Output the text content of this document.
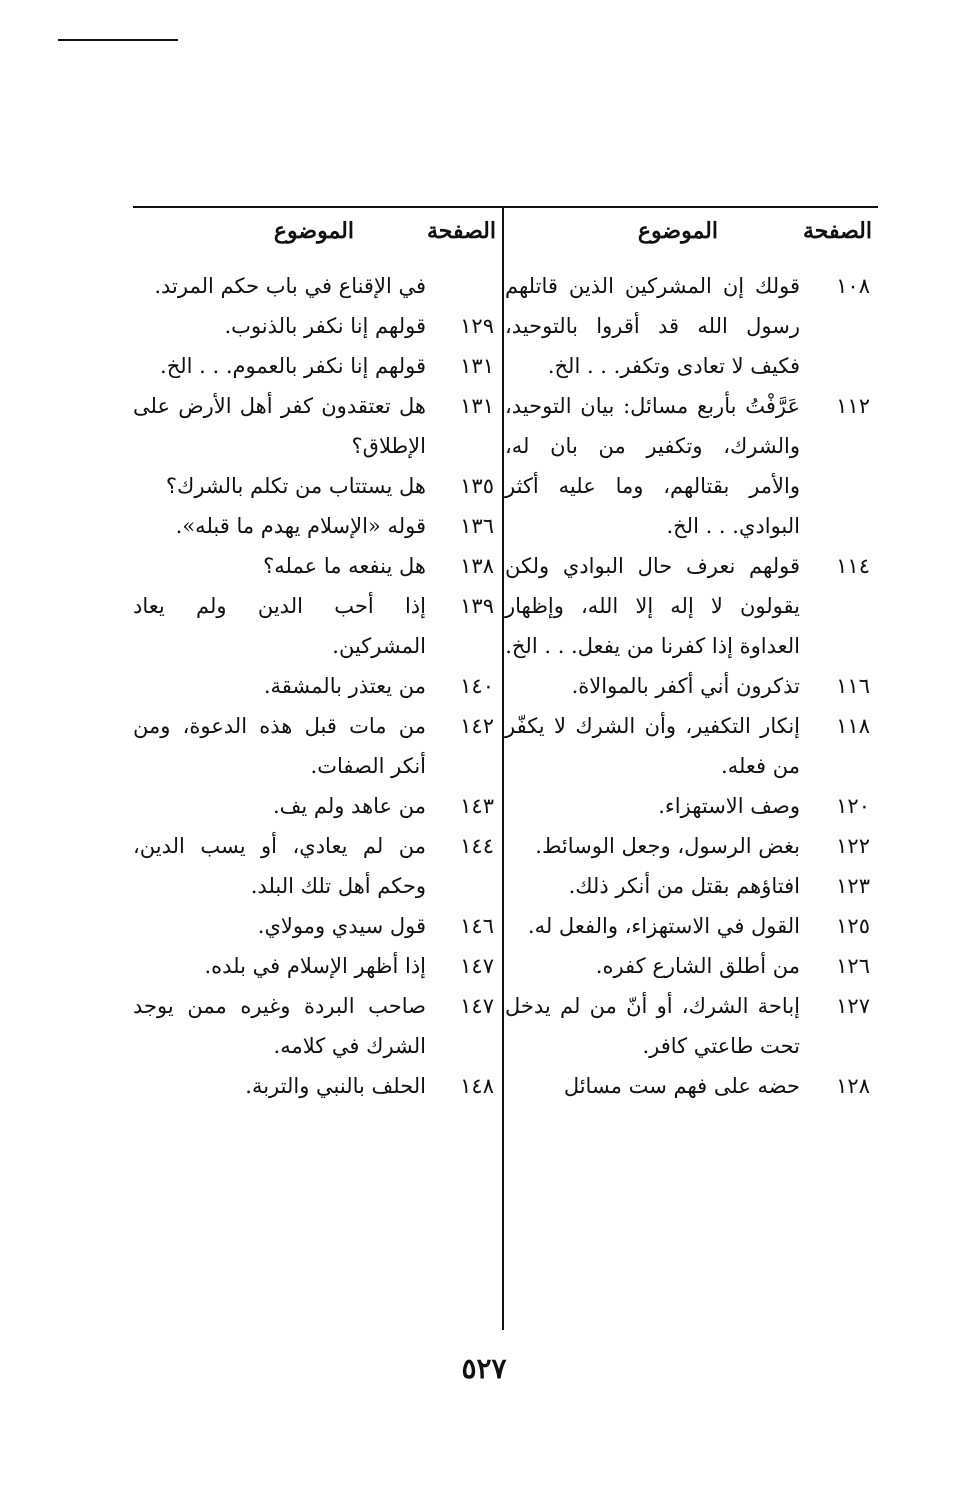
الصفحة
الموضوع
١٠٨
قولك إن المشركين الذين قاتلهم رسول الله قد أقروا بالتوحيد، فكيف لا تعادى وتكفر. . . الخ.
١١٢
عَرَّفْتُ بأربع مسائل: بيان التوحيد، والشرك، وتكفير من بان له، والأمر بقتالهم، وما عليه أكثر البوادي. . . الخ.
١١٤
قولهم نعرف حال البوادي ولكن يقولون لا إله إلا الله، وإظهار العداوة إذا كفرنا من يفعل. . . الخ.
١١٦
تذكرون أني أكفر بالموالاة.
١١٨
إنكار التكفير، وأن الشرك لا يكفّر من فعله.
١٢٠
وصف الاستهزاء.
١٢٢
بغض الرسول، وجعل الوسائط.
١٢٣
افتاؤهم بقتل من أنكر ذلك.
١٢٥
القول في الاستهزاء، والفعل له.
١٢٦
من أطلق الشارع كفره.
١٢٧
إباحة الشرك، أو أنّ من لم يدخل تحت طاعتي كافر.
١٢٨
حضه على فهم ست مسائل
الصفحة
الموضوع
في الإقناع في باب حكم المرتد.
١٢٩
قولهم إنا نكفر بالذنوب.
١٣١
قولهم إنا نكفر بالعموم. . . الخ.
١٣١
هل تعتقدون كفر أهل الأرض على الإطلاق؟
١٣٥
هل يستتاب من تكلم بالشرك؟
١٣٦
قوله «الإسلام يهدم ما قبله».
١٣٨
هل ينفعه ما عمله؟
١٣٩
إذا أحب الدين ولم يعاد المشركين.
١٤٠
من يعتذر بالمشقة.
١٤٢
من مات قبل هذه الدعوة، ومن أنكر الصفات.
١٤٣
من عاهد ولم يف.
١٤٤
من لم يعادي، أو يسب الدين، وحكم أهل تلك البلد.
١٤٦
قول سيدي ومولاي.
١٤٧
إذا أظهر الإسلام في بلده.
١٤٧
صاحب البردة وغيره ممن يوجد الشرك في كلامه.
١٤٨
الحلف بالنبي والتربة.
٥٢٧
